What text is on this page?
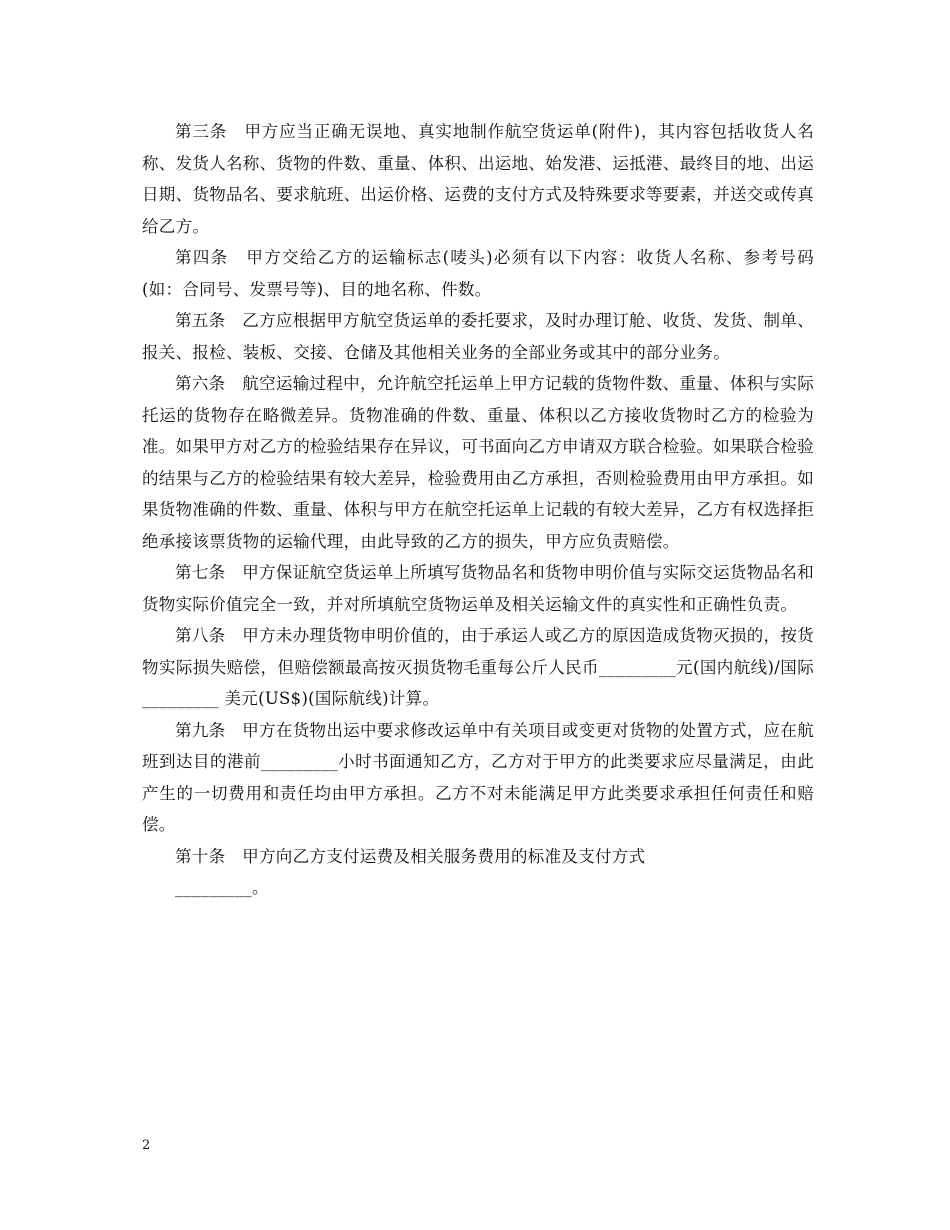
第三条　甲方应当正确无误地、真实地制作航空货运单(附件)，其内容包括收货人名称、发货人名称、货物的件数、重量、体积、出运地、始发港、运抵港、最终目的地、出运日期、货物品名、要求航班、出运价格、运费的支付方式及特殊要求等要素，并送交或传真给乙方。

第四条　甲方交给乙方的运输标志(唛头)必须有以下内容：收货人名称、参考号码(如：合同号、发票号等)、目的地名称、件数。

第五条　乙方应根据甲方航空货运单的委托要求，及时办理订舱、收货、发货、制单、报关、报检、装板、交接、仓储及其他相关业务的全部业务或其中的部分业务。

第六条　航空运输过程中，允许航空托运单上甲方记载的货物件数、重量、体积与实际托运的货物存在略微差异。货物准确的件数、重量、体积以乙方接收货物时乙方的检验为准。如果甲方对乙方的检验结果存在异议，可书面向乙方申请双方联合检验。如果联合检验的结果与乙方的检验结果有较大差异，检验费用由乙方承担，否则检验费用由甲方承担。如果货物准确的件数、重量、体积与甲方在航空托运单上记载的有较大差异，乙方有权选择拒绝承接该票货物的运输代理，由此导致的乙方的损失，甲方应负责赔偿。

第七条　甲方保证航空货运单上所填写货物品名和货物申明价值与实际交运货物品名和货物实际价值完全一致，并对所填航空货物运单及相关运输文件的真实性和正确性负责。

第八条　甲方未办理货物申明价值的，由于承运人或乙方的原因造成货物灭损的，按货物实际损失赔偿，但赔偿额最高按灭损货物毛重每公斤人民币_________元(国内航线)/国际_________ 美元(US$)(国际航线)计算。

第九条　甲方在货物出运中要求修改运单中有关项目或变更对货物的处置方式，应在航班到达目的港前_________小时书面通知乙方，乙方对于甲方的此类要求应尽量满足，由此产生的一切费用和责任均由甲方承担。乙方不对未能满足甲方此类要求承担任何责任和赔偿。

第十条　甲方向乙方支付运费及相关服务费用的标准及支付方式

_________。

2
